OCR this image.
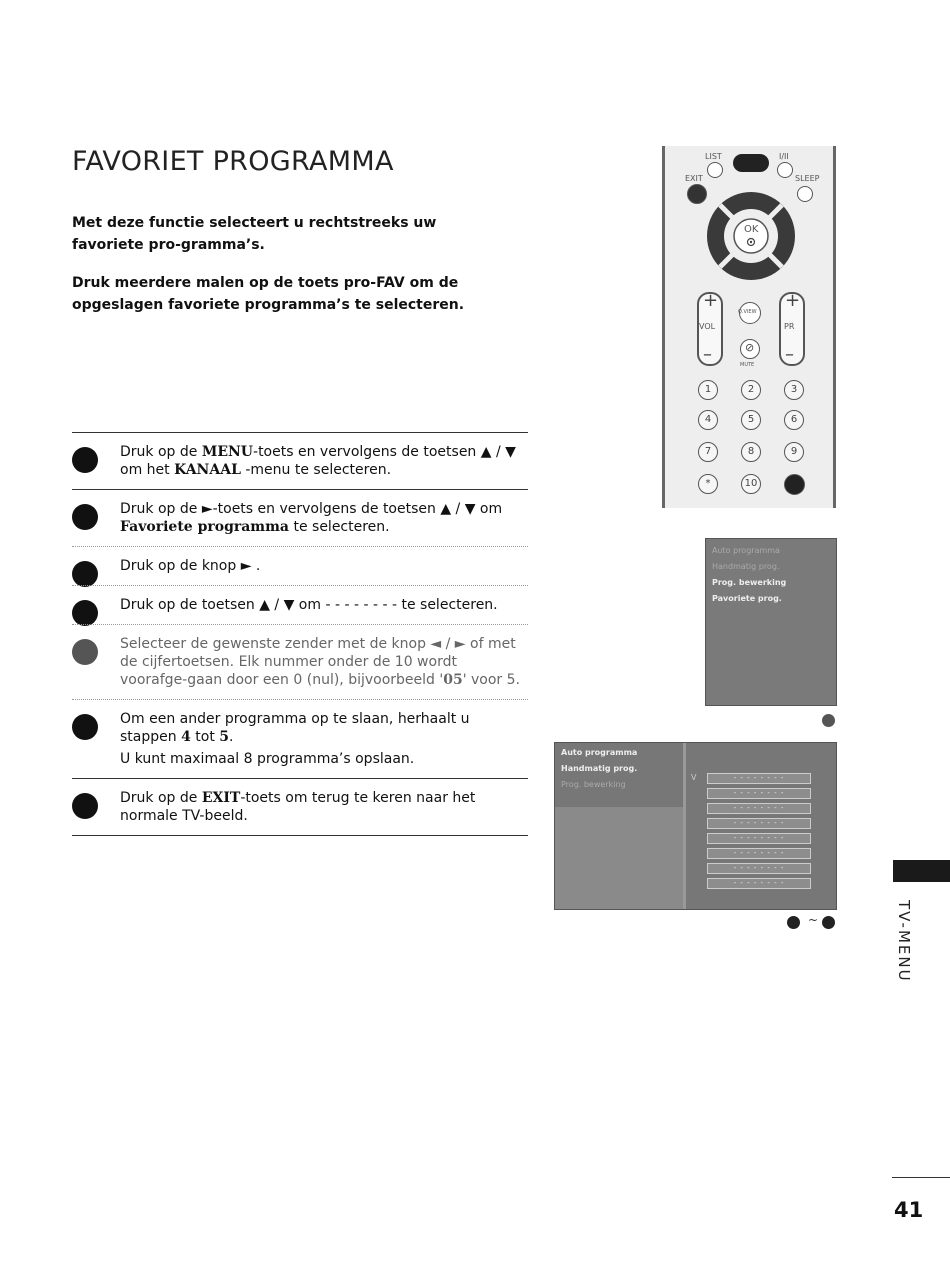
FAVORIET PROGRAMMA

Met deze functie selecteert u rechtstreeks uw favoriete pro-gramma’s.

Druk meerdere malen op de toets pro-FAV om de opgeslagen favoriete programma’s te selecteren.

Druk op de MENU-toets en vervolgens de toetsen ▲ / ▼ om het KANAAL -menu te selecteren.
Druk op de ►-toets en vervolgens de toetsen ▲ / ▼ om Favoriete programma te selecteren.
Druk op de knop ► .
Druk op de toetsen ▲ / ▼ om - - - - - - - - te selecteren.
Selecteer de gewenste zender met de knop ◄ / ► of met de cijfertoetsen. Elk nummer onder de 10 wordt voorafge-gaan door een 0 (nul), bijvoorbeeld '05' voor 5.
Om een ander programma op te slaan, herhaalt u stappen 4 tot 5.
U kunt maximaal 8 programma’s opslaan.
Druk op de EXIT-toets om terug te keren naar het normale TV-beeld.
LIST	I/II
EXIT	SLEEP
OK
+
VOL
–
+
PR
–
Q.VIEW
⊘
MUTE
1	2	3
4	5	6
7	8	9
*	10
Auto programma
Handmatig prog.
Prog. bewerking
Pavoriete prog.
Auto programma
Handmatig prog.
Prog. bewerking
V	- - - - - - - -
- - - - - - - -
- - - - - - - -
- - - - - - - -
- - - - - - - -
- - - - - - - -
- - - - - - - -
- - - - - - - -
~	TV-MENU
41
